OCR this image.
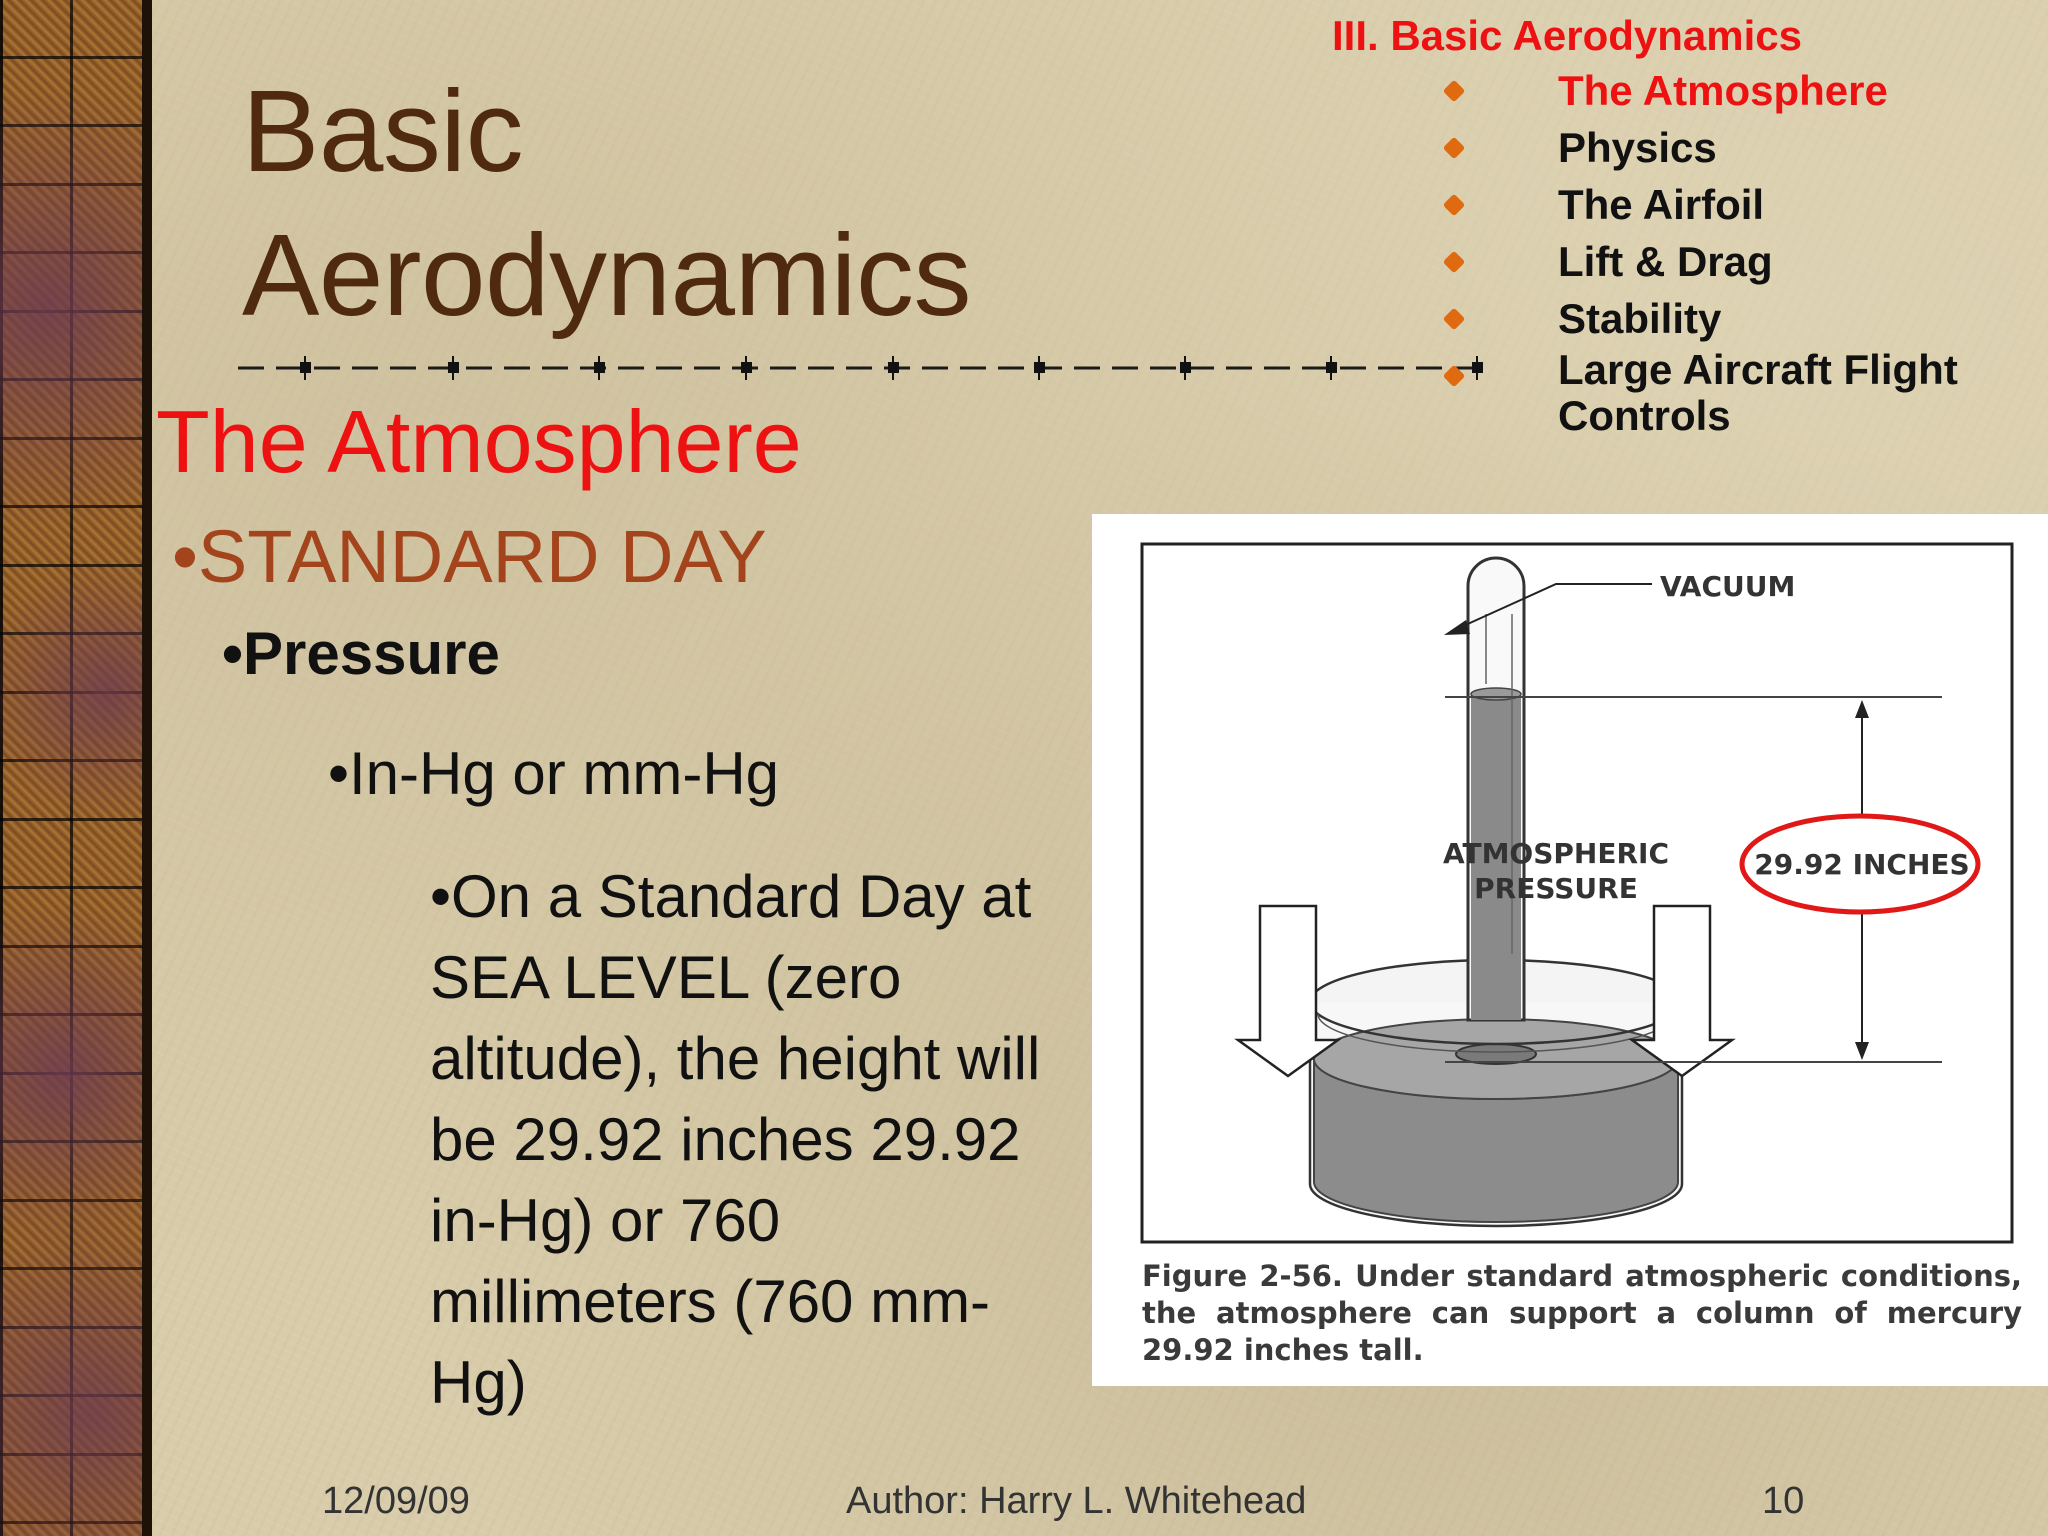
Basic
Aerodynamics

III. Basic Aerodynamics

The Atmosphere
Physics
The Airfoil
Lift & Drag
Stability
Large Aircraft Flight
Controls
The Atmosphere
•STANDARD DAY
•Pressure
•In-Hg or mm-Hg
•On a Standard Day at SEA LEVEL (zero altitude), the height will be 29.92 inches 29.92 in-Hg) or 760 millimeters (760 mm-Hg)
VACUUM
ATMOSPHERIC
PRESSURE
29.92 INCHES

Figure 2-56. Under standard atmospheric conditions, the atmosphere can support a column of mercury 29.92 inches tall.

12/09/09	Author: Harry L. Whitehead	10
